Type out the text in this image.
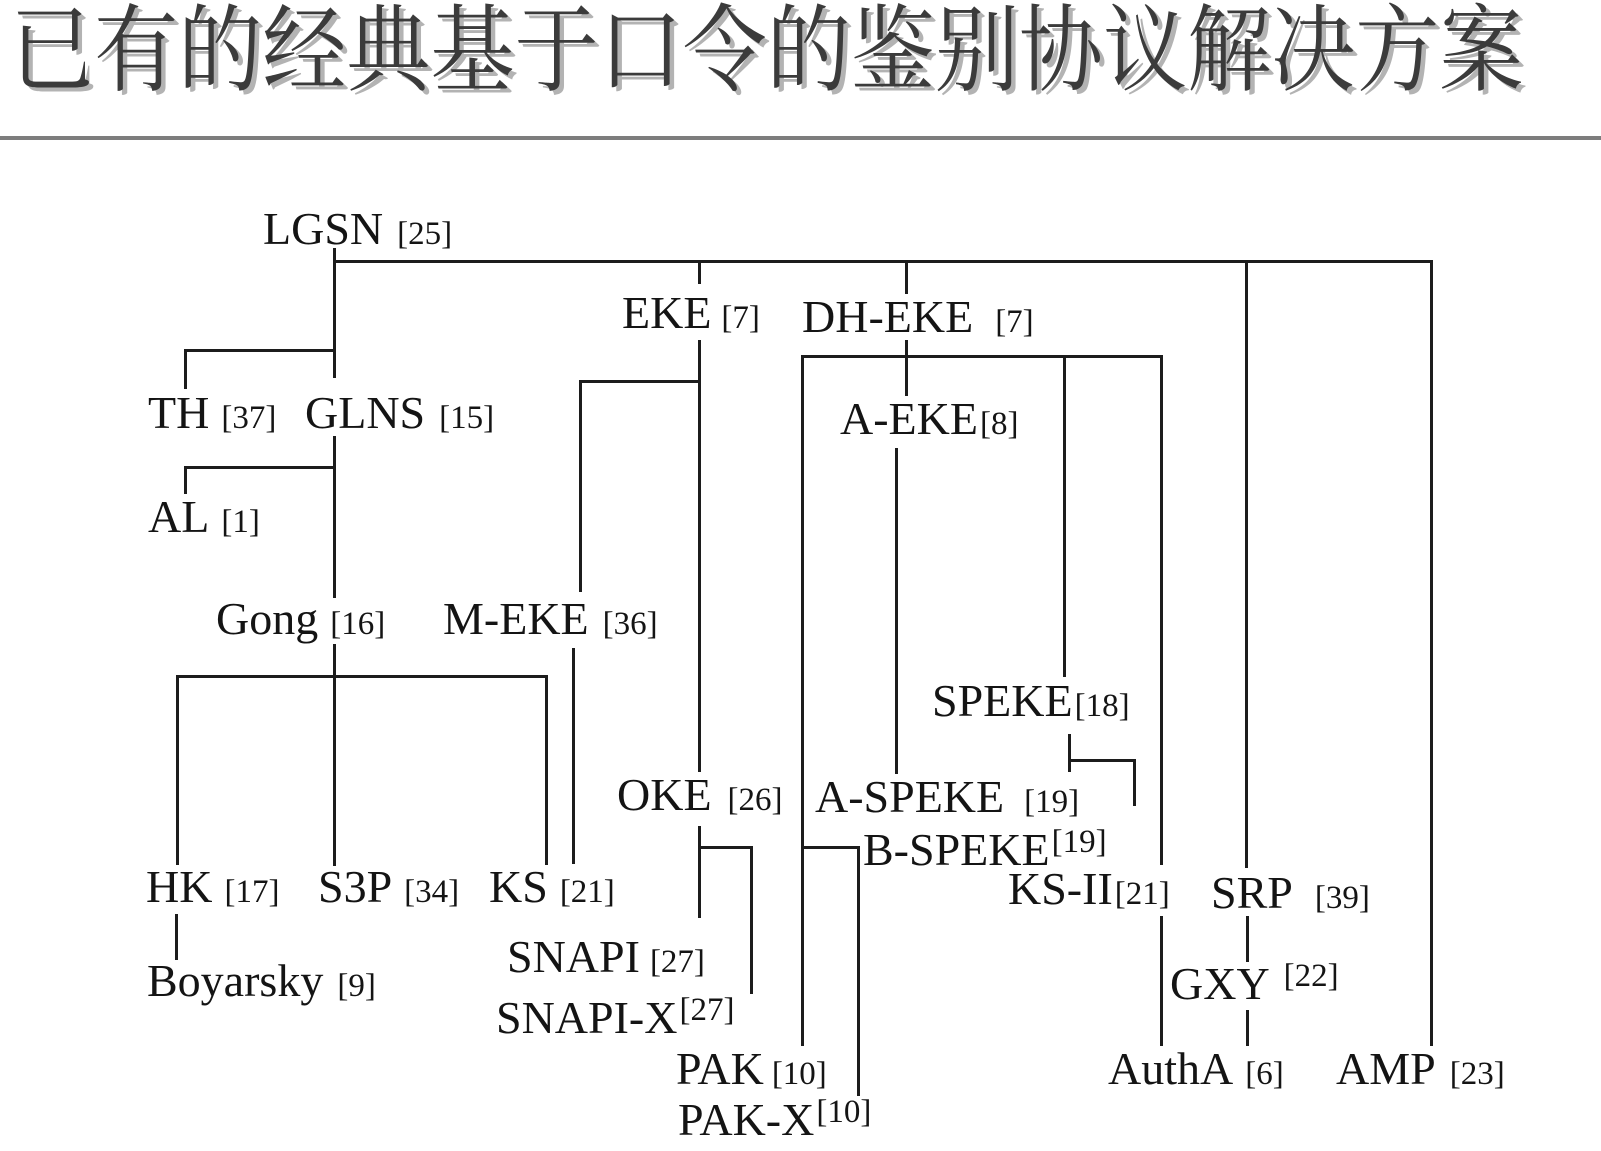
已有的经典基于口令的鉴别协议解决方案
LGSN [25]
EKE [7] DH-EKE [7]
TH [37] GLNS [15]	A-EKE[8]
AL [1]
Gong [16] M-EKE [36]
SPEKE[18]
OKE [26] A-SPEKE [19]
B-SPEKE[19]
HK [17] S3P [34] KS [21]	KS-II[21] SRP [39]
SNAPI [27]
Boyarsky [9]	GXY [22]
SNAPI-X[27]
PAK [10]	AuthA [6] AMP [23]
PAK-X[10]
